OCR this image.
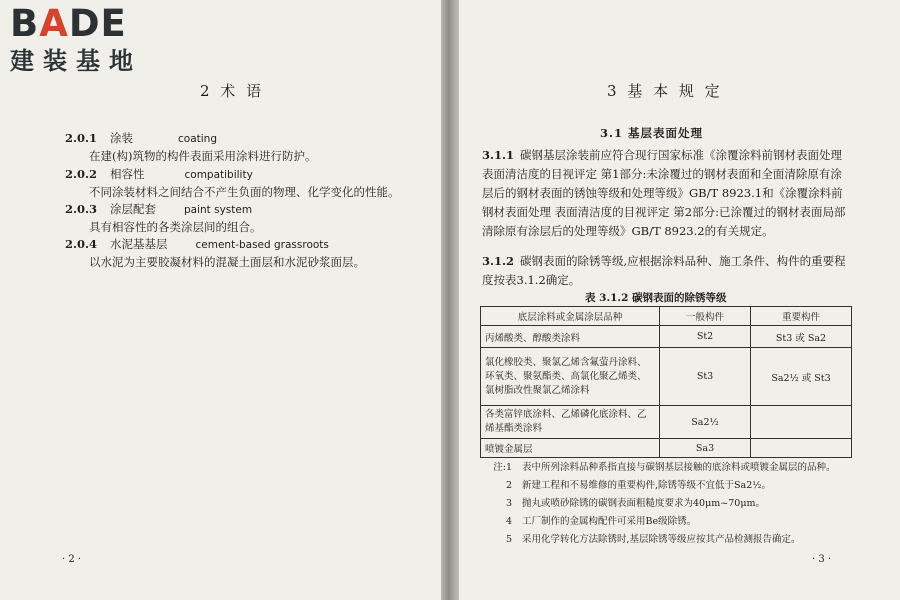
BADE
建装基地
2 术 语
2.0.1 涂装	coating
在建(构)筑物的构件表面采用涂料进行防护。
2.0.2 相容性	compatibility
不同涂装材料之间结合不产生负面的物理、化学变化的性能。
2.0.3 涂层配套	paint system
具有相容性的各类涂层间的组合。
2.0.4 水泥基基层	cement-based grassroots
以水泥为主要胶凝材料的混凝土面层和水泥砂浆面层。
· 2 ·
3 基 本 规 定
3.1 基层表面处理
3.1.1 碳钢基层涂装前应符合现行国家标准《涂覆涂料前钢材表面处理 表面清洁度的目视评定 第1部分:未涂覆过的钢材表面和全面清除原有涂层后的钢材表面的锈蚀等级和处理等级》GB/T 8923.1和《涂覆涂料前钢材表面处理 表面清洁度的目视评定 第2部分:已涂覆过的钢材表面局部清除原有涂层后的处理等级》GB/T 8923.2的有关规定。
3.1.2 碳钢表面的除锈等级,应根据涂料品种、施工条件、构件的重要程度按表3.1.2确定。
表 3.1.2 碳钢表面的除锈等级
底层涂料或金属涂层品种	一般构件	重要构件
丙烯酸类、醇酸类涂料	St2	St3 或 Sa2
氯化橡胶类、聚氯乙烯含氟萤丹涂料、环氧类、聚氨酯类、高氯化聚乙烯类、氯树脂改性聚氯乙烯涂料	St3	Sa2½ 或 St3
各类富锌底涂料、乙烯磷化底涂料、乙烯基酯类涂料	Sa2½	
喷镀金属层	Sa3	
注:1	表中所列涂料品种系指直接与碳钢基层接触的底涂料或喷镀金属层的品种。
2	新建工程和不易维修的重要构件,除锈等级不宜低于Sa2½。
3	抛丸或喷砂除锈的碳钢表面粗糙度要求为40μm~70μm。
4	工厂制作的金属构配件可采用Be级除锈。
5	采用化学转化方法除锈时,基层除锈等级应按其产品检测报告确定。
· 3 ·
